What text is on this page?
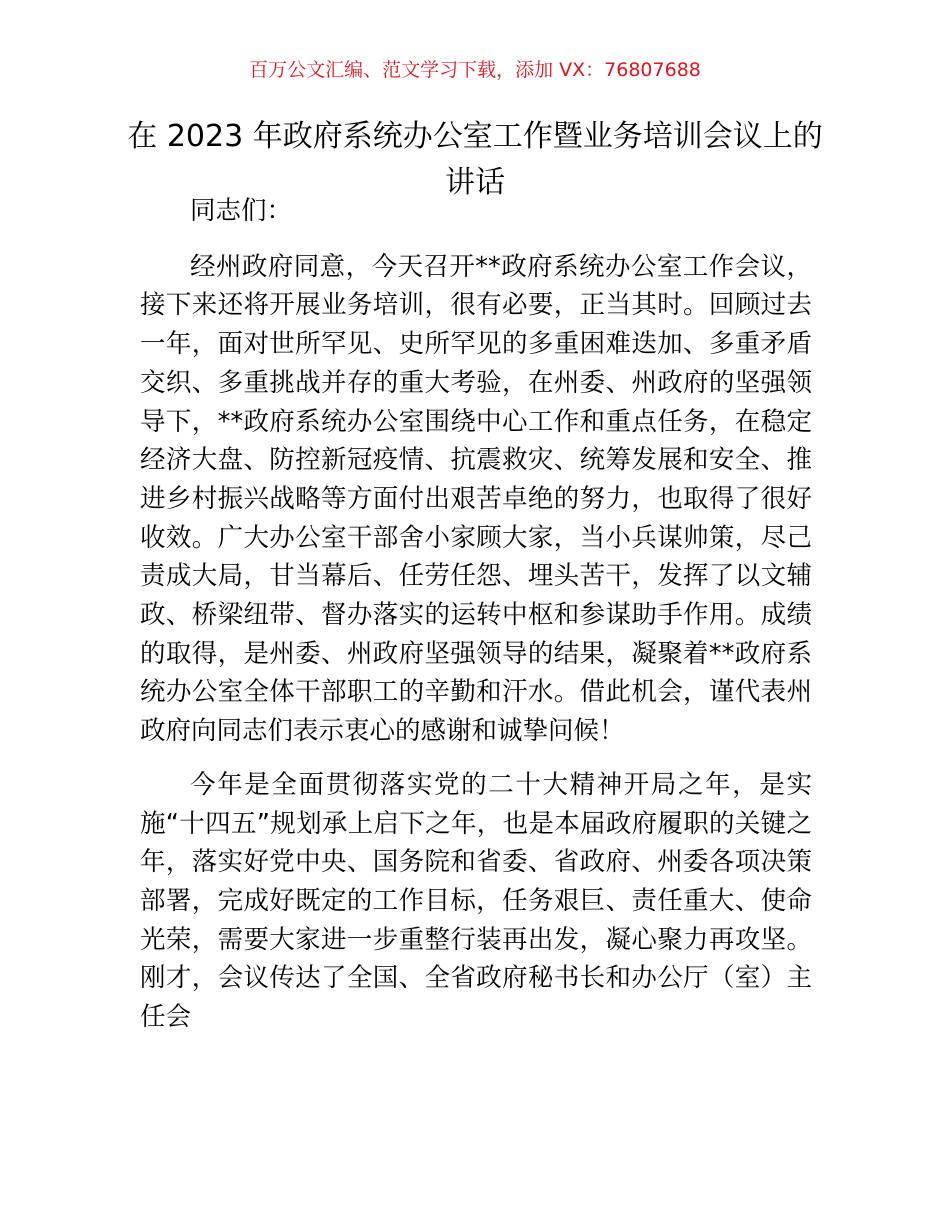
百万公文汇编、范文学习下载，添加 VX：76807688
在 2023 年政府系统办公室工作暨业务培训会议上的讲话

同志们：

经州政府同意，今天召开**政府系统办公室工作会议，接下来还将开展业务培训，很有必要，正当其时。回顾过去一年，面对世所罕见、史所罕见的多重困难迭加、多重矛盾交织、多重挑战并存的重大考验，在州委、州政府的坚强领导下，**政府系统办公室围绕中心工作和重点任务，在稳定经济大盘、防控新冠疫情、抗震救灾、统筹发展和安全、推进乡村振兴战略等方面付出艰苦卓绝的努力，也取得了很好收效。广大办公室干部舍小家顾大家，当小兵谋帅策，尽己责成大局，甘当幕后、任劳任怨、埋头苦干，发挥了以文辅政、桥梁纽带、督办落实的运转中枢和参谋助手作用。成绩的取得，是州委、州政府坚强领导的结果，凝聚着**政府系统办公室全体干部职工的辛勤和汗水。借此机会，谨代表州政府向同志们表示衷心的感谢和诚挚问候！

今年是全面贯彻落实党的二十大精神开局之年，是实施“十四五”规划承上启下之年，也是本届政府履职的关键之年，落实好党中央、国务院和省委、省政府、州委各项决策部署，完成好既定的工作目标，任务艰巨、责任重大、使命光荣，需要大家进一步重整行装再出发，凝心聚力再攻坚。刚才，会议传达了全国、全省政府秘书长和办公厅（室）主任会
